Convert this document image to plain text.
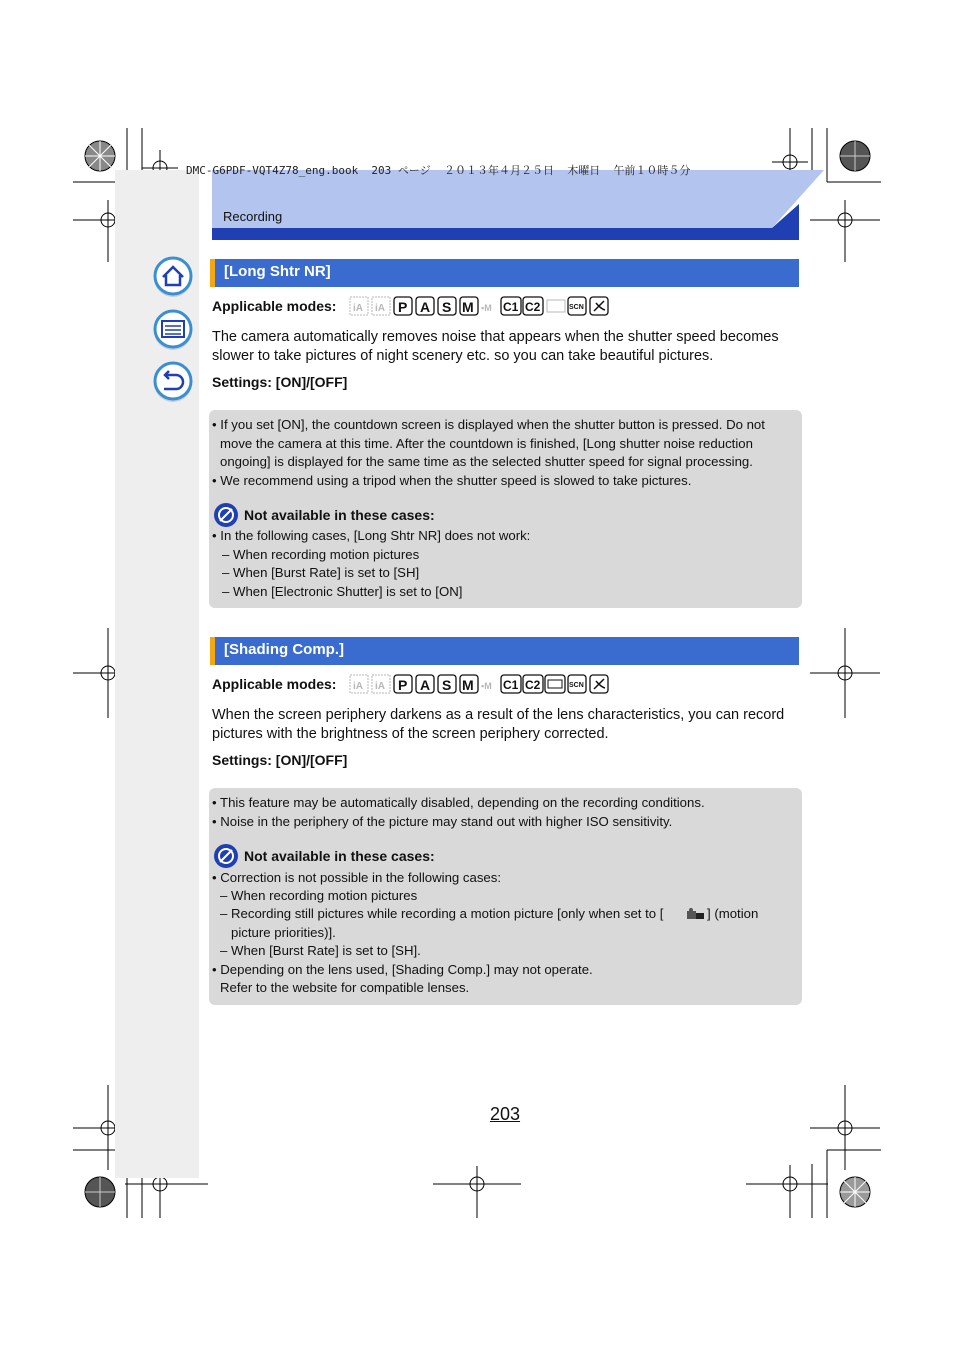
Recording
DMC-G6PDF-VQT4Z78_eng.book  203 ページ  ２０１３年４月２５日  木曜日  午前１０時５分
[Long Shtr NR]
Applicable modes: iA iA P A S M ▪M C1 C2	SCN
The camera automatically removes noise that appears when the shutter speed becomes
slower to take pictures of night scenery etc. so you can take beautiful pictures.
Settings: [ON]/[OFF]
• If you set [ON], the countdown screen is displayed when the shutter button is pressed. Do not
move the camera at this time. After the countdown is finished, [Long shutter noise reduction
ongoing] is displayed for the same time as the selected shutter speed for signal processing.
• We recommend using a tripod when the shutter speed is slowed to take pictures.
Not available in these cases:
• In the following cases, [Long Shtr NR] does not work:
– When recording motion pictures
– When [Burst Rate] is set to [SH]
– When [Electronic Shutter] is set to [ON]
[Shading Comp.]
Applicable modes: iA iA P A S M ▪M C1 C2	SCN
When the screen periphery darkens as a result of the lens characteristics, you can record
pictures with the brightness of the screen periphery corrected.
Settings: [ON]/[OFF]
• This feature may be automatically disabled, depending on the recording conditions.
• Noise in the periphery of the picture may stand out with higher ISO sensitivity.
Not available in these cases:
• Correction is not possible in the following cases:
– When recording motion pictures
– Recording still pictures while recording a motion picture [only when set to [	] (motion
picture priorities)].
– When [Burst Rate] is set to [SH].
• Depending on the lens used, [Shading Comp.] may not operate.
Refer to the website for compatible lenses.
203
